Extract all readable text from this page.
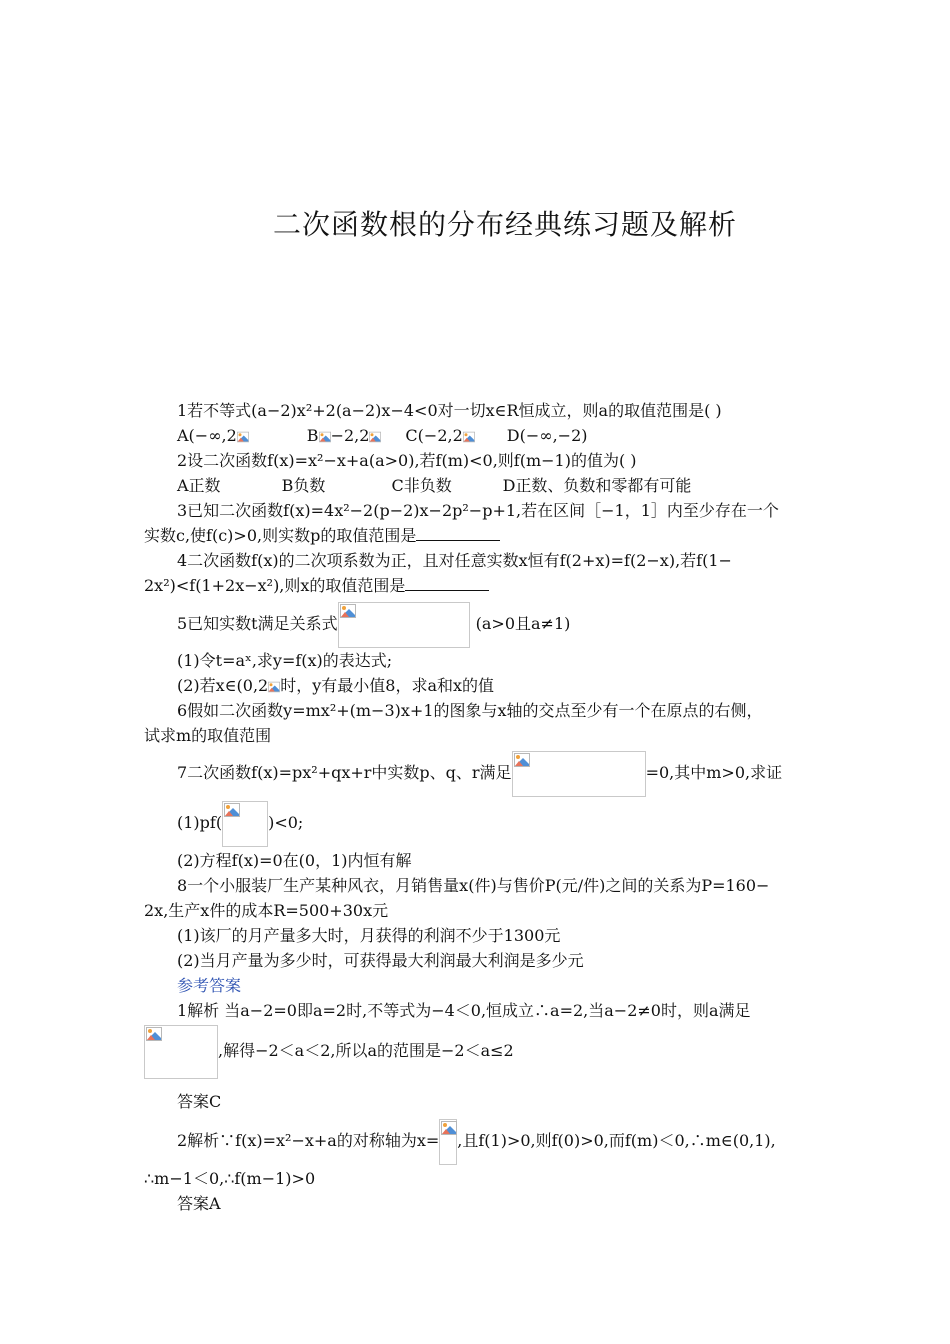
二次函数根的分布经典练习题及解析

1若不等式(a−2)x²+2(a−2)x−4<0对一切x∈R恒成立，则a的取值范围是( )

A(−∞,2	B −2,2 C(−2,2	D(−∞,−2)

2设二次函数f(x)=x²−x+a(a>0),若f(m)<0,则f(m−1)的值为( )

A正数            B负数             C非负数          D正数、负数和零都有可能

3已知二次函数f(x)=4x²−2(p−2)x−2p²−p+1,若在区间［−1，1］内至少存在一个

实数c,使f(c)>0,则实数p的取值范围是

4二次函数f(x)的二次项系数为正，且对任意实数x恒有f(2+x)=f(2−x),若f(1−

2x²)<f(1+2x−x²),则x的取值范围是

5已知实数t满足关系式	(a>0且a≠1)

(1)令t=aˣ,求y=f(x)的表达式;

(2)若x∈(0,2 时，y有最小值8，求a和x的值

6假如二次函数y=mx²+(m−3)x+1的图象与x轴的交点至少有一个在原点的右侧，

试求m的取值范围

7二次函数f(x)=px²+qx+r中实数p、q、r满足	=0,其中m>0,求证

(1)pf(	)<0;

(2)方程f(x)=0在(0，1)内恒有解

8一个小服装厂生产某种风衣，月销售量x(件)与售价P(元/件)之间的关系为P=160−

2x,生产x件的成本R=500+30x元

(1)该厂的月产量多大时，月获得的利润不少于1300元

(2)当月产量为多少时，可获得最大利润最大利润是多少元

参考答案

1解析 当a−2=0即a=2时,不等式为−4＜0,恒成立∴a=2,当a−2≠0时，则a满足

,解得−2＜a＜2,所以a的范围是−2＜a≤2

答案C

2解析∵f(x)=x²−x+a的对称轴为x= ,且f(1)>0,则f(0)>0,而f(m)＜0,∴m∈(0,1),

∴m−1＜0,∴f(m−1)>0

答案A
